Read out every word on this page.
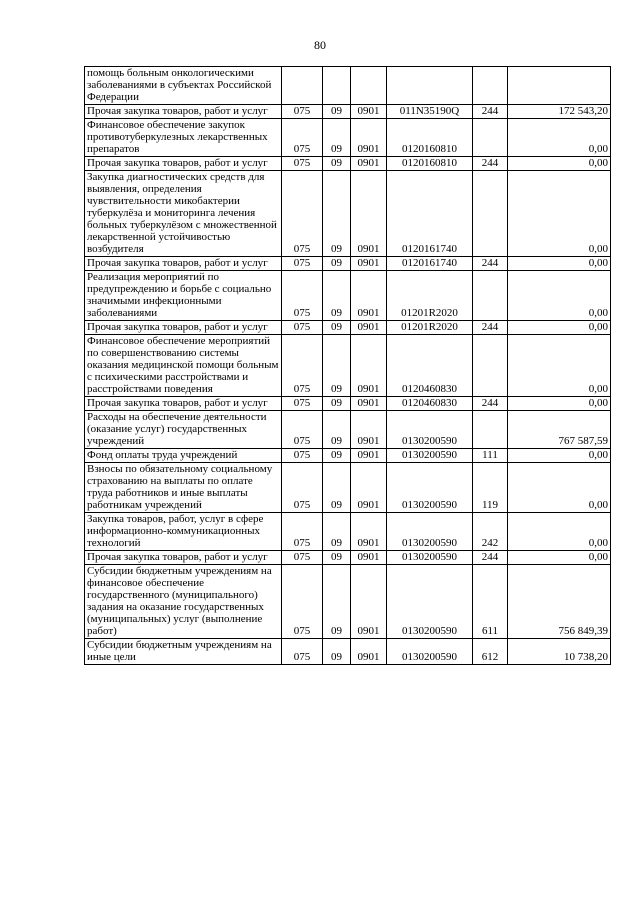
80
помощь больным онкологическими заболеваниями в субъектах Российской Федерации						
Прочая закупка товаров, работ и услуг	075	09	0901	011N35190Q	244	172 543,20
Финансовое обеспечение закупок противотуберкулезных лекарственных препаратов	075	09	0901	0120160810		0,00
Прочая закупка товаров, работ и услуг	075	09	0901	0120160810	244	0,00
Закупка диагностических средств для выявления, определения чувствительности микобактерии туберкулёза и мониторинга лечения больных туберкулёзом с множественной лекарственной устойчивостью возбудителя	075	09	0901	0120161740		0,00
Прочая закупка товаров, работ и услуг	075	09	0901	0120161740	244	0,00
Реализация мероприятий по предупреждению и борьбе с социально значимыми инфекционными заболеваниями	075	09	0901	01201R2020		0,00
Прочая закупка товаров, работ и услуг	075	09	0901	01201R2020	244	0,00
Финансовое обеспечение мероприятий по совершенствованию системы оказания медицинской помощи больным с психическими расстройствами и расстройствами поведения	075	09	0901	0120460830		0,00
Прочая закупка товаров, работ и услуг	075	09	0901	0120460830	244	0,00
Расходы на обеспечение деятельности (оказание услуг) государственных учреждений	075	09	0901	0130200590		767 587,59
Фонд оплаты труда учреждений	075	09	0901	0130200590	111	0,00
Взносы по обязательному социальному страхованию на выплаты по оплате труда работников и иные выплаты работникам учреждений	075	09	0901	0130200590	119	0,00
Закупка товаров, работ, услуг в сфере информационно-коммуникационных технологий	075	09	0901	0130200590	242	0,00
Прочая закупка товаров, работ и услуг	075	09	0901	0130200590	244	0,00
Субсидии бюджетным учреждениям на финансовое обеспечение государственного (муниципального) задания на оказание государственных (муниципальных) услуг (выполнение работ)	075	09	0901	0130200590	611	756 849,39
Субсидии бюджетным учреждениям на иные цели	075	09	0901	0130200590	612	10 738,20
